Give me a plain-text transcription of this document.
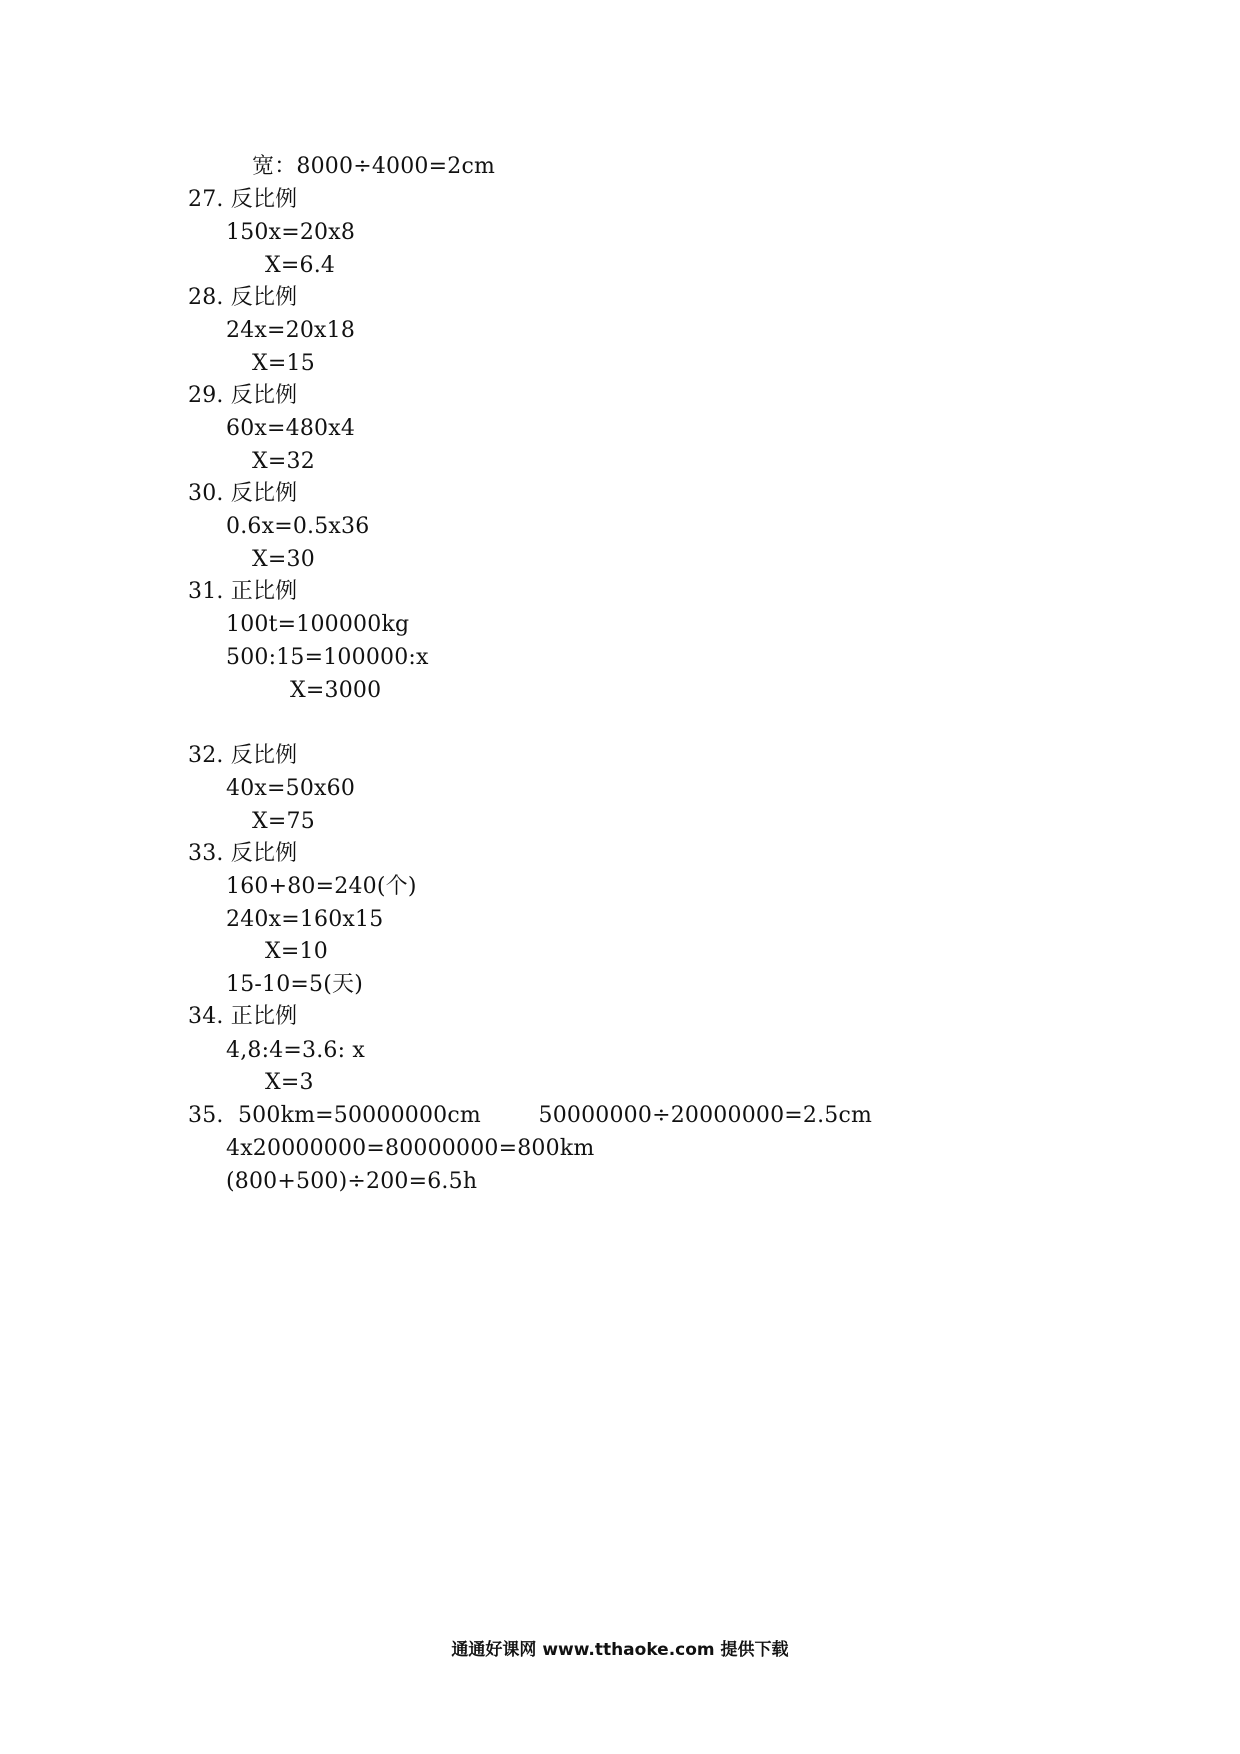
宽：8000÷4000=2cm
27. 反比例
150x=20x8
X=6.4
28. 反比例
24x=20x18
X=15
29. 反比例
60x=480x4
X=32
30. 反比例
0.6x=0.5x36
X=30
31. 正比例
100t=100000kg
500:15=100000:x
X=3000
32. 反比例
40x=50x60
X=75
33. 反比例
160+80=240(个)
240x=160x15
X=10
15-10=5(天)
34. 正比例
4,8:4=3.6: x
X=3
35.  500km=50000000cm        50000000÷20000000=2.5cm
4x20000000=80000000=800km
(800+500)÷200=6.5h
通通好课网 www.tthaoke.com 提供下载
